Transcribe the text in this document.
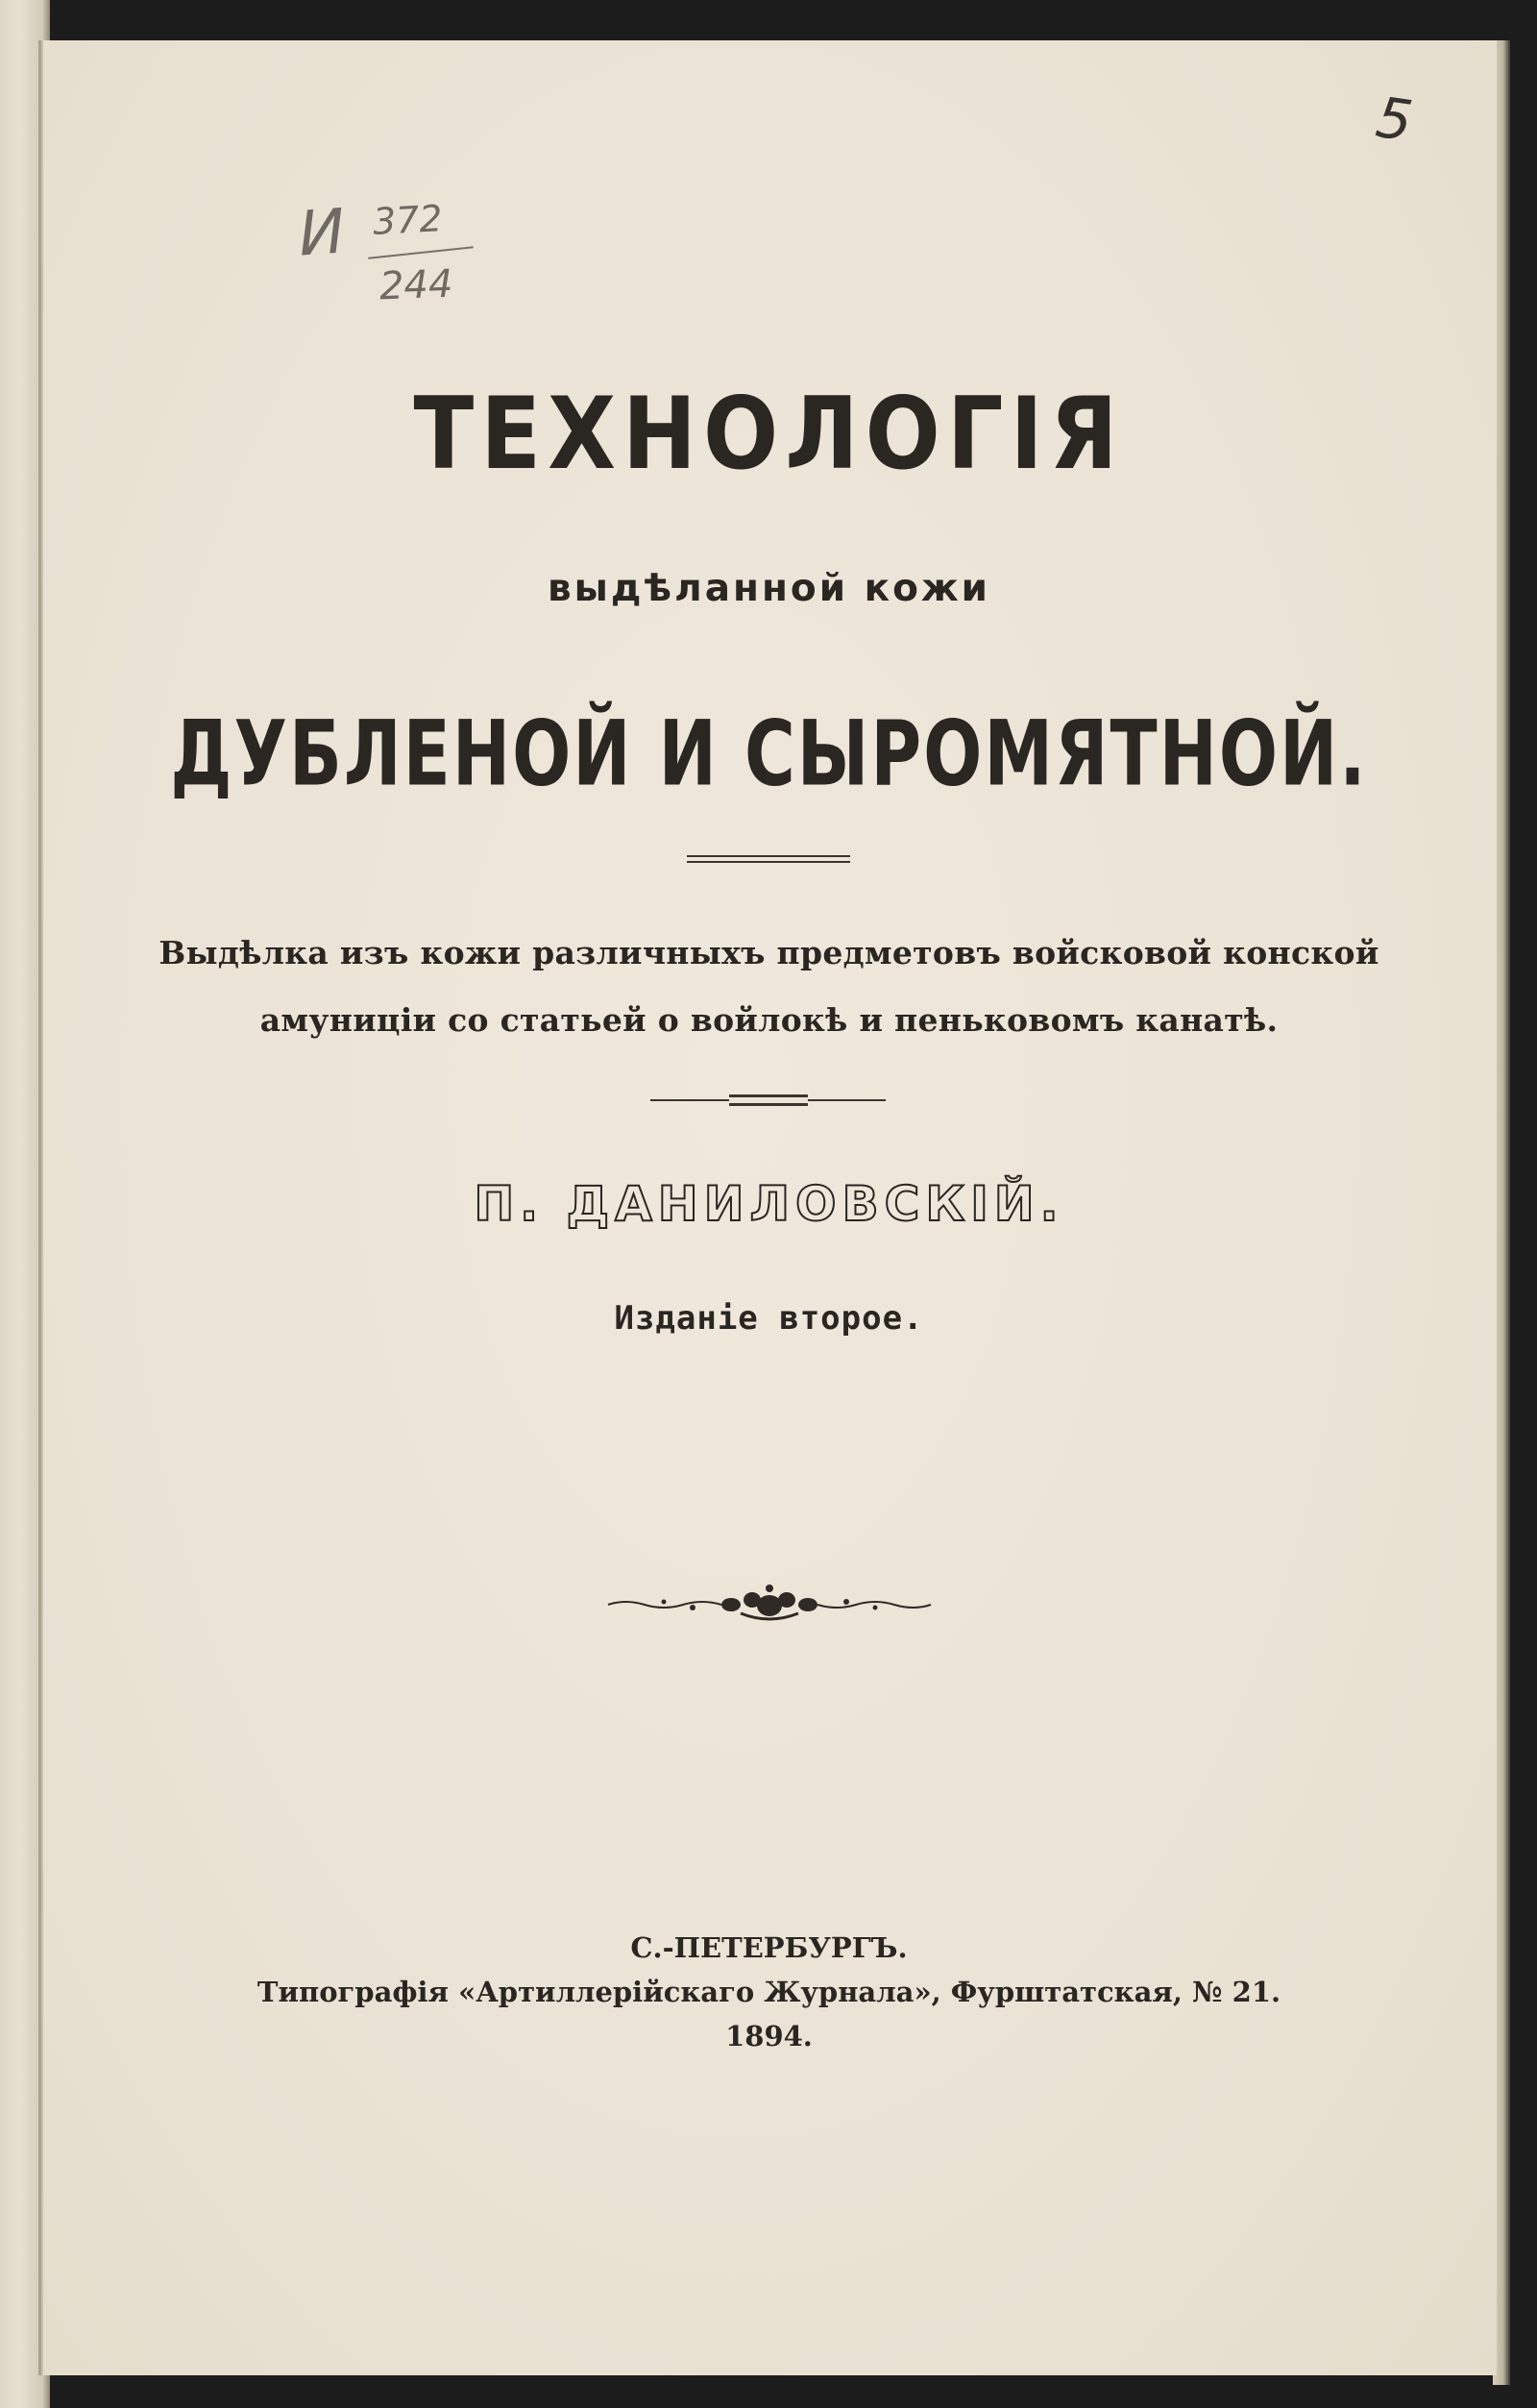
И 372
244
5
ТЕХНОЛОГІЯ
выдѣланной кожи
ДУБЛЕНОЙ И СЫРОМЯТНОЙ.
Выдѣлка изъ кожи различныхъ предметовъ войсковой конской
амуниціи со статьей о войлокѣ и пеньковомъ канатѣ.
П. ДАНИЛОВСКІЙ.
Изданіе второе.
С.-ПЕТЕРБУРГЪ.
Типографія «Артиллерійскаго Журнала», Фурштатская, № 21.
1894.
